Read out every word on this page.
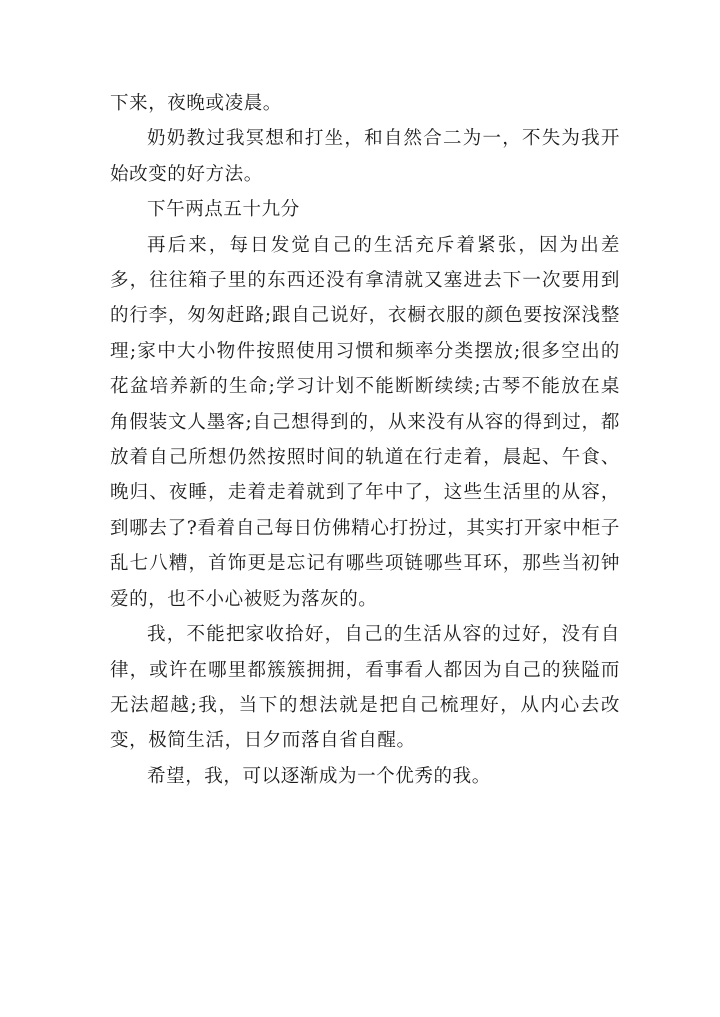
下来，夜晚或凌晨。

奶奶教过我冥想和打坐，和自然合二为一，不失为我开始改变的好方法。

下午两点五十九分

再后来，每日发觉自己的生活充斥着紧张，因为出差多，往往箱子里的东西还没有拿清就又塞进去下一次要用到的行李，匆匆赶路;跟自己说好，衣橱衣服的颜色要按深浅整理;家中大小物件按照使用习惯和频率分类摆放;很多空出的花盆培养新的生命;学习计划不能断断续续;古琴不能放在桌角假装文人墨客;自己想得到的，从来没有从容的得到过，都放着自己所想仍然按照时间的轨道在行走着，晨起、午食、晚归、夜睡，走着走着就到了年中了，这些生活里的从容，到哪去了?看着自己每日仿佛精心打扮过，其实打开家中柜子乱七八糟，首饰更是忘记有哪些项链哪些耳环，那些当初钟爱的，也不小心被贬为落灰的。

我，不能把家收拾好，自己的生活从容的过好，没有自律，或许在哪里都簇簇拥拥，看事看人都因为自己的狭隘而无法超越;我，当下的想法就是把自己梳理好，从内心去改变，极简生活，日夕而落自省自醒。

希望，我，可以逐渐成为一个优秀的我。
